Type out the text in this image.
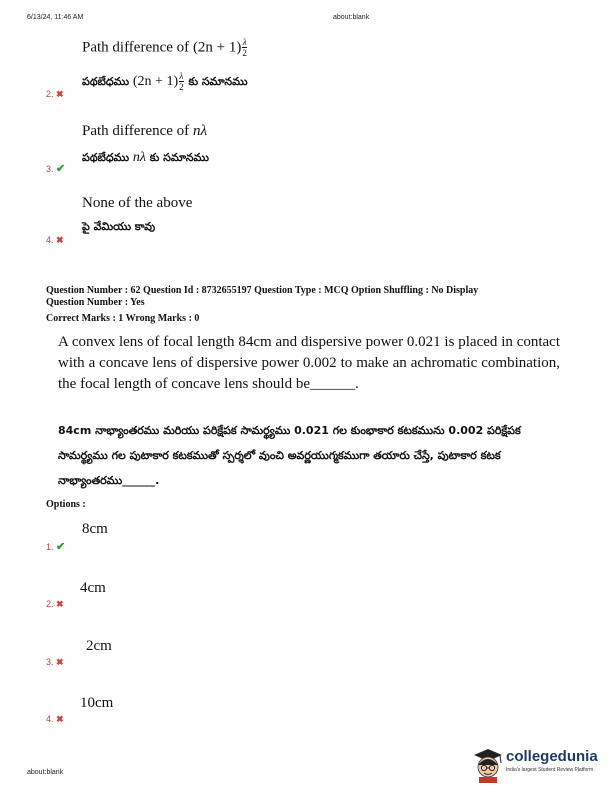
6/13/24, 11:46 AM	about:blank
Path difference of $(2n + 1) \frac{\lambda}{2}$
పథబేధము $(2n + 1) \frac{\lambda}{2}$ కు సమానము
2. ✖
Path difference of nλ
పథబేధము nλ కు సమానము
3. ✔
None of the above
పై వేమియు కావు
4. ✖
Question Number : 62 Question Id : 8732655197 Question Type : MCQ Option Shuffling : No Display
Question Number : Yes
Correct Marks : 1 Wrong Marks : 0
A convex lens of focal length 84cm and dispersive power 0.021 is placed in contact with a concave lens of dispersive power 0.002 to make an achromatic combination, the focal length of concave lens should be______.
84cm నాభ్యాంతరము మరియు పరిక్షేపక సామర్థ్యము 0.021 గల కుంభాకార కటకమును 0.002 పరిక్షేపక సామర్థ్యము గల పుటాకార కటకముతో స్పర్శలో వుంచి అవర్ణయుగ్మకముగా తయారు చేస్తే, పుటాకార కటక నాభ్యాంతరము______.
Options :
8cm
1. ✔
4cm
2. ✖
2cm
3. ✖
10cm
4. ✖
about:blank
collegedunia
India's largest Student Review Platform
